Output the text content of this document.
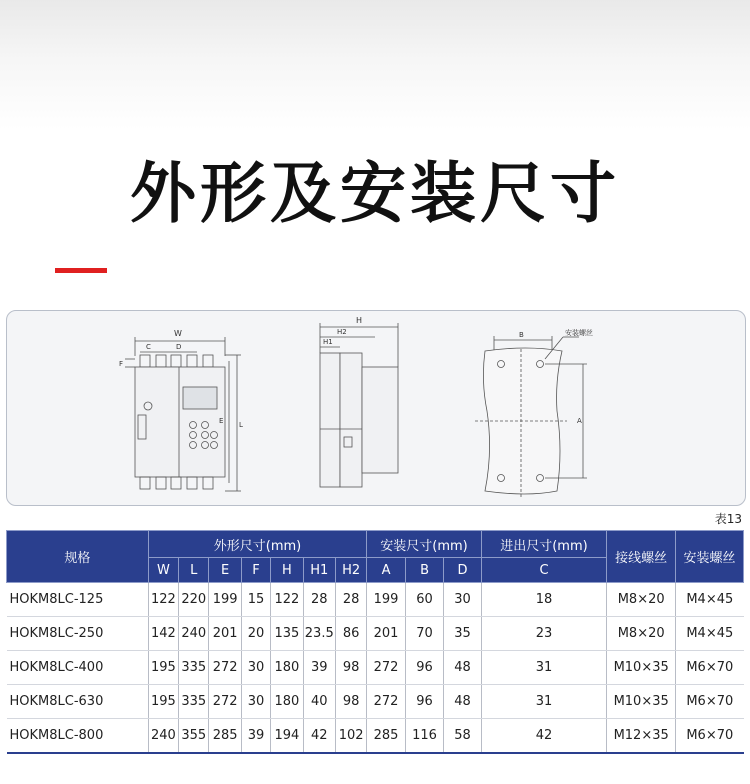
外形及安装尺寸
W
C	D
F
E L
H
H2
H1
B
A
安装螺丝
表13
规格	外形尺寸(mm)							安装尺寸(mm)			进出尺寸(mm)	接线螺丝	安装螺丝
	W	L	E	F	H	H1	H2	A	B	D	C		
HOKM8LC-125	122	220	199	15	122	28	28	199	60	30	18	M8×20	M4×45
HOKM8LC-250	142	240	201	20	135	23.5	86	201	70	35	23	M8×20	M4×45
HOKM8LC-400	195	335	272	30	180	39	98	272	96	48	31	M10×35	M6×70
HOKM8LC-630	195	335	272	30	180	40	98	272	96	48	31	M10×35	M6×70
HOKM8LC-800	240	355	285	39	194	42	102	285	116	58	42	M12×35	M6×70
